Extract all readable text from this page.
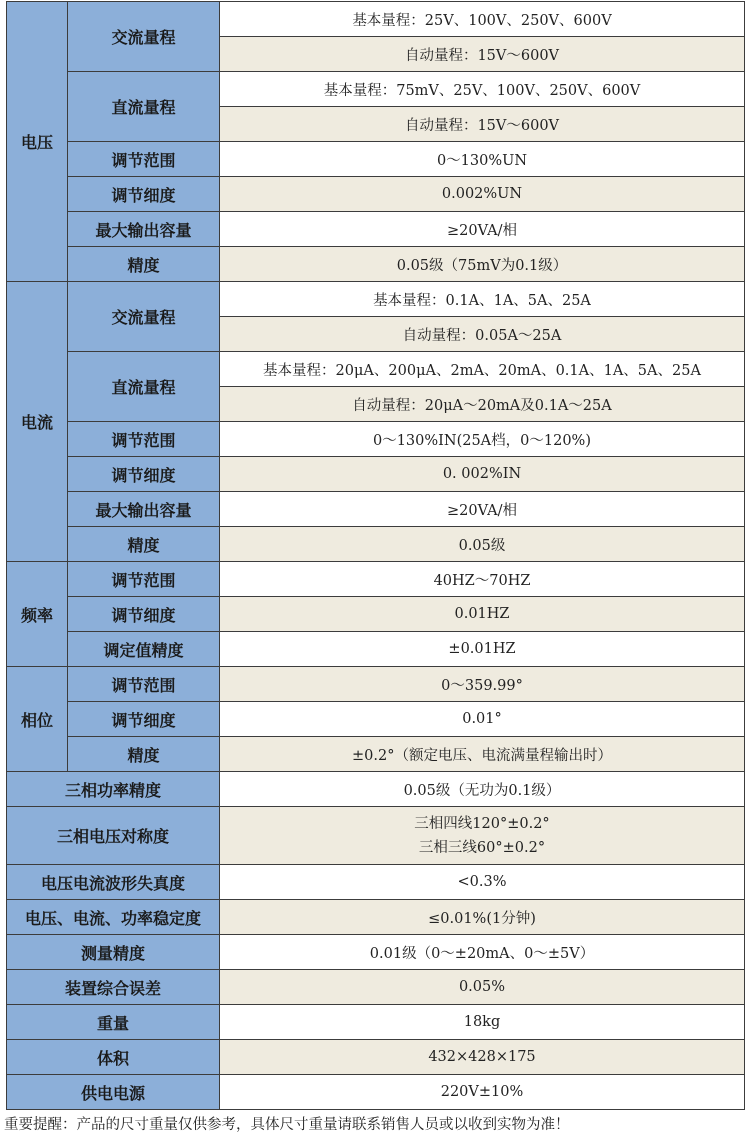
电压	交流量程	基本量程：25V、100V、250V、600V
		自动量程：15V～600V
	直流量程	基本量程：75mV、25V、100V、250V、600V
		自动量程：15V～600V
	调节范围	0～130%UN
	调节细度	0.002%UN
	最大输出容量	≥20VA/相
	精度	0.05级（75mV为0.1级）
电流	交流量程	基本量程：0.1A、1A、5A、25A
		自动量程：0.05A～25A
	直流量程	基本量程：20μA、200μA、2mA、20mA、0.1A、1A、5A、25A
		自动量程：20μA～20mA及0.1A～25A
	调节范围	0～130%IN(25A档，0～120%)
	调节细度	0. 002%IN
	最大输出容量	≥20VA/相
	精度	0.05级
频率	调节范围	40HZ～70HZ
	调节细度	0.01HZ
	调定值精度	±0.01HZ
相位	调节范围	0～359.99°
	调节细度	0.01°
	精度	±0.2°（额定电压、电流满量程输出时）
三相功率精度		0.05级（无功为0.1级）
三相电压对称度		三相四线120°±0.2°
三相三线60°±0.2°

电压电流波形失真度		<0.3%
电压、电流、功率稳定度		≤0.01%(1分钟)
测量精度		0.01级（0～±20mA、0～±5V）
装置综合误差		0.05%
重量		18kg
体积		432×428×175
供电电源		220V±10%
重要提醒：产品的尺寸重量仅供参考，具体尺寸重量请联系销售人员或以收到实物为准！
